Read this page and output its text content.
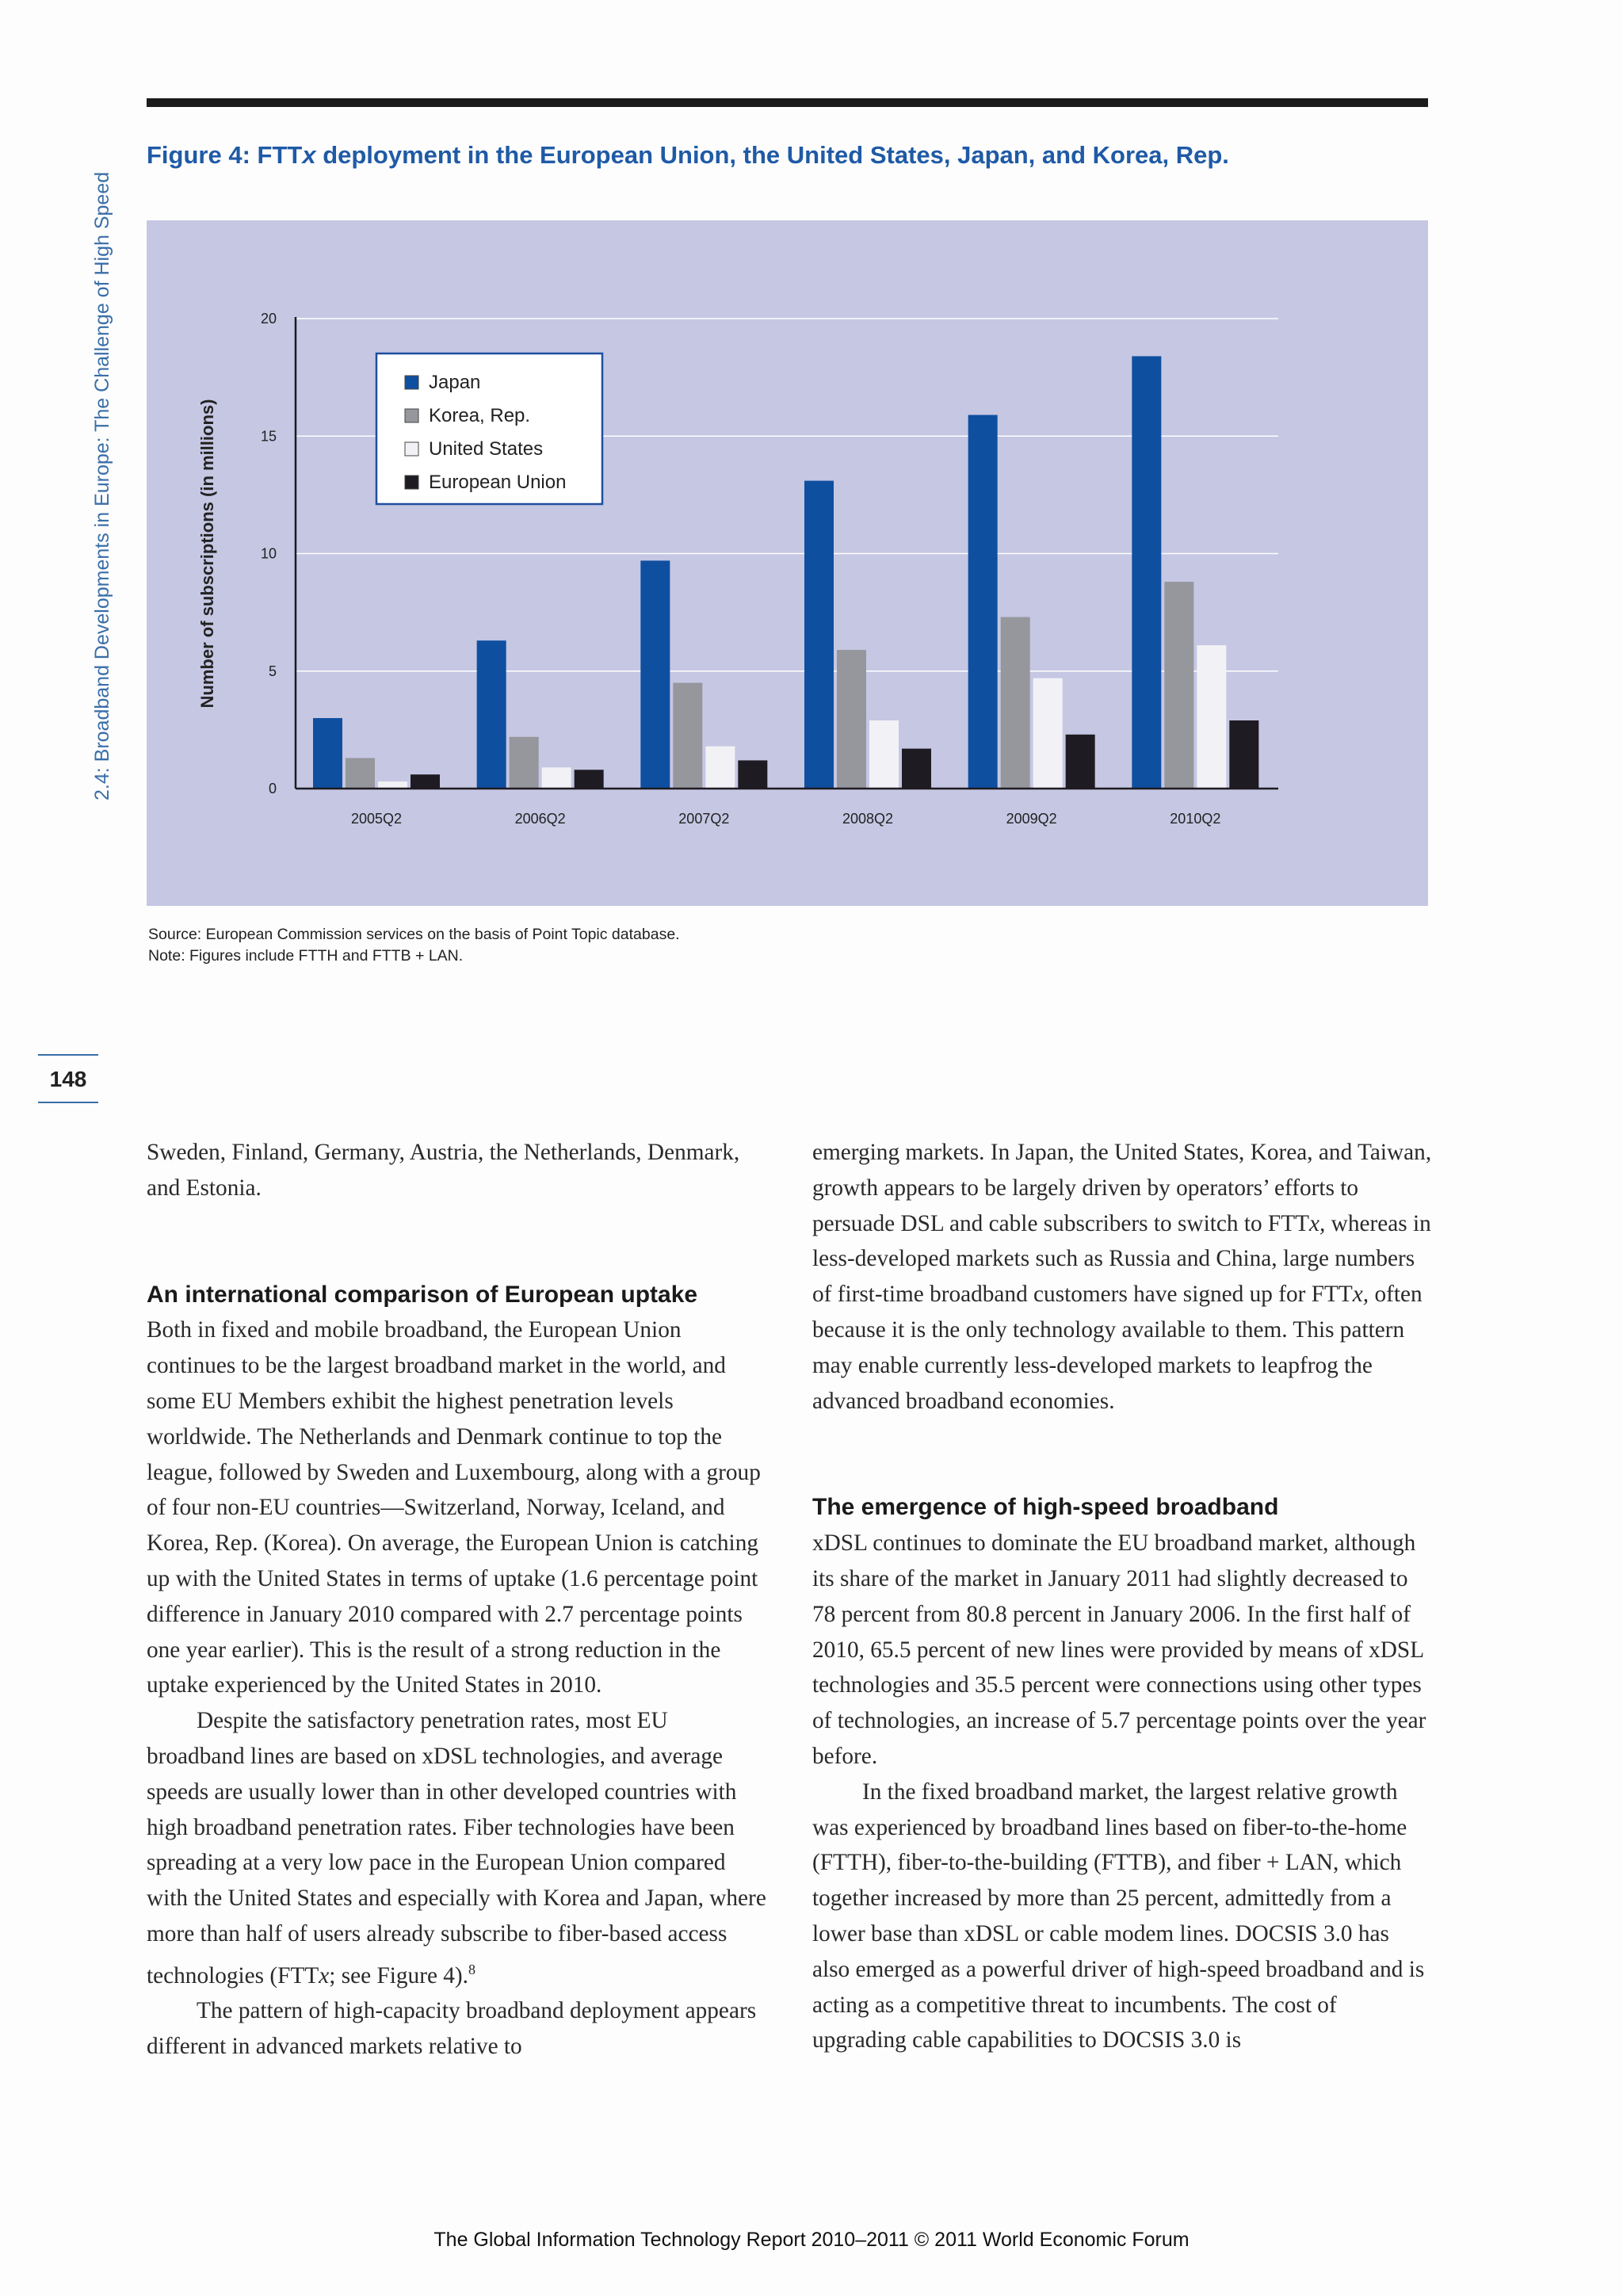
2.4: Broadband Developments in Europe: The Challenge of High Speed
148
Figure 4: FTTx deployment in the European Union, the United States, Japan, and Korea, Rep.
0
5
10
15
20
2005Q2	2006Q2	2007Q2	2008Q2	2009Q2	2010Q2
Number of subscriptions (in millions)
Japan
Korea, Rep.
United States
European Union
Source: European Commission services on the basis of Point Topic database.
Note: Figures include FTTH and FTTB + LAN.

Sweden, Finland, Germany, Austria, the Netherlands, Denmark, and Estonia.

An international comparison of European uptake

Both in fixed and mobile broadband, the European Union continues to be the largest broadband market in the world, and some EU Members exhibit the highest penetration levels worldwide. The Netherlands and Denmark continue to top the league, followed by Sweden and Luxembourg, along with a group of four non-EU countries—Switzerland, Norway, Iceland, and Korea, Rep. (Korea). On average, the European Union is catching up with the United States in terms of uptake (1.6 percentage point difference in January 2010 compared with 2.7 percentage points one year earlier). This is the result of a strong reduction in the uptake experienced by the United States in 2010.

Despite the satisfactory penetration rates, most EU broadband lines are based on xDSL technologies, and average speeds are usually lower than in other developed countries with high broadband penetration rates. Fiber technologies have been spreading at a very low pace in the European Union compared with the United States and especially with Korea and Japan, where more than half of users already subscribe to fiber-based access technologies (FTTx; see Figure 4).$^8$

The pattern of high-capacity broadband deployment appears different in advanced markets relative to

emerging markets. In Japan, the United States, Korea, and Taiwan, growth appears to be largely driven by operators’ efforts to persuade DSL and cable subscribers to switch to FTTx, whereas in less-developed markets such as Russia and China, large numbers of first-time broadband customers have signed up for FTTx, often because it is the only technology available to them. This pattern may enable currently less-developed markets to leapfrog the advanced broadband economies.

The emergence of high-speed broadband

xDSL continues to dominate the EU broadband market, although its share of the market in January 2011 had slightly decreased to 78 percent from 80.8 percent in January 2006. In the first half of 2010, 65.5 percent of new lines were provided by means of xDSL technologies and 35.5 percent were connections using other types of technologies, an increase of 5.7 percentage points over the year before.

In the fixed broadband market, the largest relative growth was experienced by broadband lines based on fiber-to-the-home (FTTH), fiber-to-the-building (FTTB), and fiber + LAN, which together increased by more than 25 percent, admittedly from a lower base than xDSL or cable modem lines. DOCSIS 3.0 has also emerged as a powerful driver of high-speed broadband and is acting as a competitive threat to incumbents. The cost of upgrading cable capabilities to DOCSIS 3.0 is

The Global Information Technology Report 2010–2011 © 2011 World Economic Forum
